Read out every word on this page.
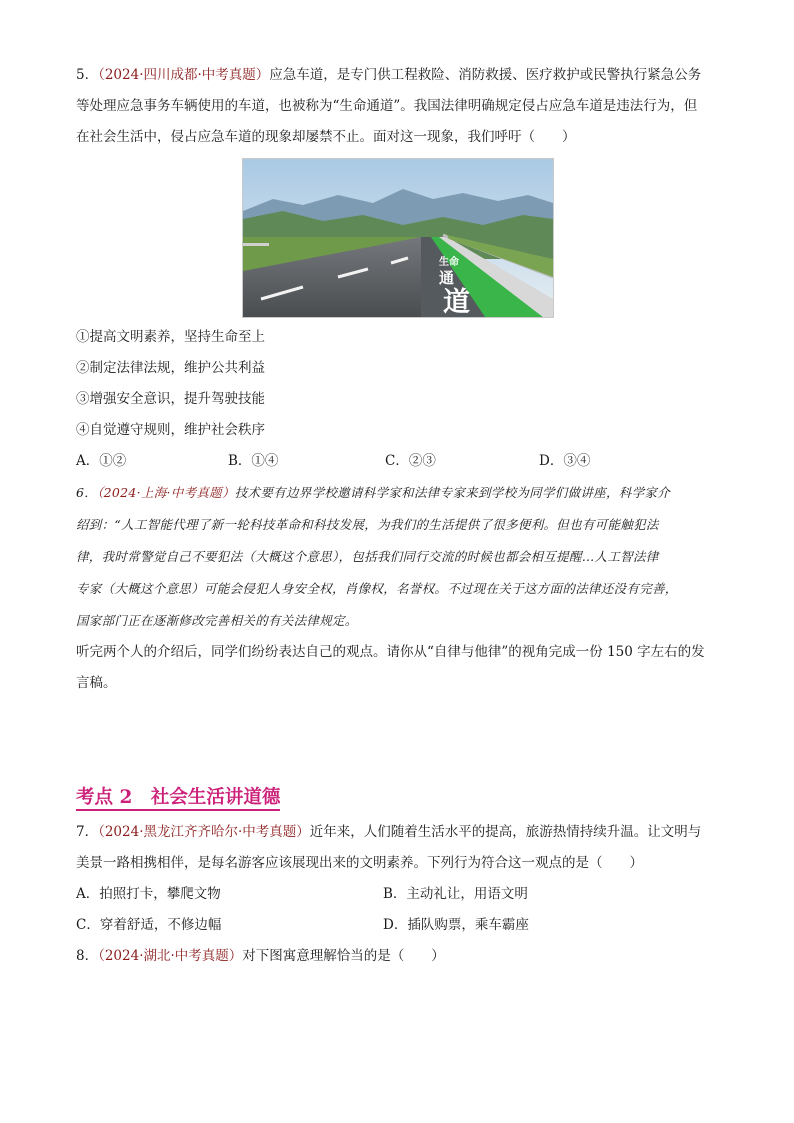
5．（2024·四川成都·中考真题）应急车道，是专门供工程救险、消防救援、医疗救护或民警执行紧急公务
等处理应急事务车辆使用的车道，也被称为“生命通道”。我国法律明确规定侵占应急车道是违法行为，但
在社会生活中，侵占应急车道的现象却屡禁不止。面对这一现象，我们呼吁（　　）
生命
通
道
①提高文明素养，坚持生命至上
②制定法律法规，维护公共利益
③增强安全意识，提升驾驶技能
④自觉遵守规则，维护社会秩序
A．①②	B．①④	C．②③	D．③④
6．（2024·上海·中考真题）技术要有边界学校邀请科学家和法律专家来到学校为同学们做讲座，科学家介
绍到：“人工智能代理了新一轮科技革命和科技发展，为我们的生活提供了很多便利。但也有可能触犯法
律，我时常警觉自己不要犯法（大概这个意思），包括我们同行交流的时候也都会相互提醒…人工智法律
专家（大概这个意思）可能会侵犯人身安全权，肖像权，名誉权。不过现在关于这方面的法律还没有完善，
国家部门正在逐渐修改完善相关的有关法律规定。
听完两个人的介绍后，同学们纷纷表达自己的观点。请你从“自律与他律”的视角完成一份 150 字左右的发
言稿。
考点 2　社会生活讲道德
7．（2024·黑龙江齐齐哈尔·中考真题）近年来，人们随着生活水平的提高，旅游热情持续升温。让文明与
美景一路相携相伴，是每名游客应该展现出来的文明素养。下列行为符合这一观点的是（　　）
A．拍照打卡，攀爬文物	B．主动礼让，用语文明
C．穿着舒适，不修边幅	D．插队购票，乘车霸座
8．（2024·湖北·中考真题）对下图寓意理解恰当的是（　　）
